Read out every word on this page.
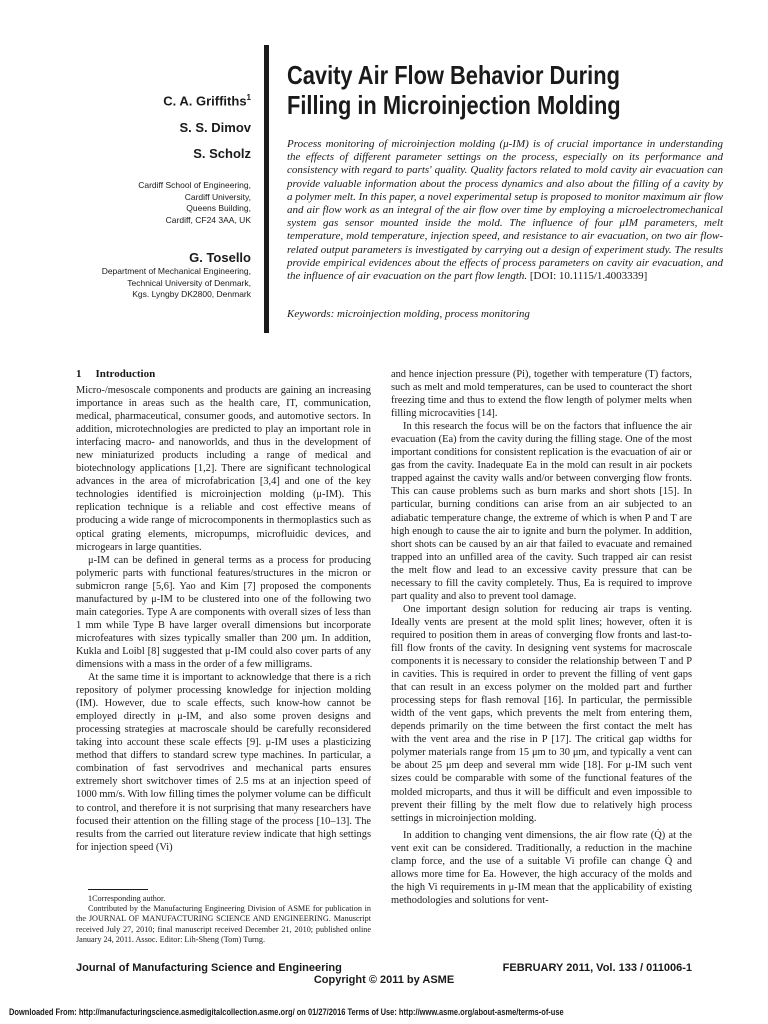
C. A. Griffiths$^1$
S. S. Dimov
S. Scholz
Cardiff School of Engineering,
Cardiff University,
Queens Building,
Cardiff, CF24 3AA, UK
G. Tosello
Department of Mechanical Engineering,
Technical University of Denmark,
Kgs. Lyngby DK2800, Denmark
Cavity Air Flow Behavior During
Filling in Microinjection Molding
Process monitoring of microinjection molding (μ-IM) is of crucial importance in understanding the effects of different parameter settings on the process, especially on its performance and consistency with regard to parts' quality. Quality factors related to mold cavity air evacuation can provide valuable information about the process dynamics and also about the filling of a cavity by a polymer melt. In this paper, a novel experimental setup is proposed to monitor maximum air flow and air flow work as an integral of the air flow over time by employing a microelectromechanical system gas sensor mounted inside the mold. The influence of four μIM parameters, melt temperature, mold temperature, injection speed, and resistance to air evacuation, on two air flow-related output parameters is investigated by carrying out a design of experiment study. The results provide empirical evidences about the effects of process parameters on cavity air evacuation, and the influence of air evacuation on the part flow length. [DOI: 10.1115/1.4003339]
Keywords: microinjection molding, process monitoring
1 Introduction

Micro-/mesoscale components and products are gaining an increasing importance in areas such as the health care, IT, communication, medical, pharmaceutical, consumer goods, and automotive sectors. In addition, microtechnologies are predicted to play an important role in interfacing macro- and nanoworlds, and thus in the development of new miniaturized products including a range of medical and biotechnology applications [1,2]. There are significant technological advances in the area of microfabrication [3,4] and one of the key technologies identified is microinjection molding (μ-IM). This replication technique is a reliable and cost effective means of producing a wide range of microcomponents in thermoplastics such as optical grating elements, micropumps, microfluidic devices, and microgears in large quantities.

μ-IM can be defined in general terms as a process for producing polymeric parts with functional features/structures in the micron or submicron range [5,6]. Yao and Kim [7] proposed the components manufactured by μ-IM to be clustered into one of the following two main categories. Type A are components with overall sizes of less than 1 mm while Type B have larger overall dimensions but incorporate microfeatures with sizes typically smaller than 200 μm. In addition, Kukla and Loibl [8] suggested that μ-IM could also cover parts of any dimensions with a mass in the order of a few milligrams.

At the same time it is important to acknowledge that there is a rich repository of polymer processing knowledge for injection molding (IM). However, due to scale effects, such know-how cannot be employed directly in μ-IM, and also some proven designs and processing strategies at macroscale should be carefully reconsidered taking into account these scale effects [9]. μ-IM uses a plasticizing method that differs to standard screw type machines. In particular, a combination of fast servodrives and mechanical parts ensures extremely short switchover times of 2.5 ms at an injection speed of 1000 mm/s. With low filling times the polymer volume can be difficult to control, and therefore it is not surprising that many researchers have focused their attention on the filling stage of the process [10–13]. The results from the carried out literature review indicate that high settings for injection speed (Vi)

and hence injection pressure (Pi), together with temperature (T) factors, such as melt and mold temperatures, can be used to counteract the short freezing time and thus to extend the flow length of polymer melts when filling microcavities [14].

In this research the focus will be on the factors that influence the air evacuation (Ea) from the cavity during the filling stage. One of the most important conditions for consistent replication is the evacuation of air or gas from the cavity. Inadequate Ea in the mold can result in air pockets trapped against the cavity walls and/or between converging flow fronts. This can cause problems such as burn marks and short shots [15]. In particular, burning conditions can arise from an air subjected to an adiabatic temperature change, the extreme of which is when P and T are high enough to cause the air to ignite and burn the polymer. In addition, short shots can be caused by an air that failed to evacuate and remained trapped into an unfilled area of the cavity. Such trapped air can resist the melt flow and lead to an excessive cavity pressure that can be necessary to fill the cavity completely. Thus, Ea is required to improve part quality and also to prevent tool damage.

One important design solution for reducing air traps is venting. Ideally vents are present at the mold split lines; however, often it is required to position them in areas of converging flow fronts and last-to-fill flow fronts of the cavity. In designing vent systems for macroscale components it is necessary to consider the relationship between T and P in cavities. This is required in order to prevent the filling of vent gaps that can result in an excess polymer on the molded part and further processing steps for flash removal [16]. In particular, the permissible width of the vent gaps, which prevents the melt from entering them, depends primarily on the time between the first contact the melt has with the vent area and the rise in P [17]. The critical gap widths for polymer materials range from 15 μm to 30 μm, and typically a vent can be about 25 μm deep and several mm wide [18]. For μ-IM such vent sizes could be comparable with some of the functional features of the molded microparts, and thus it will be difficult and even impossible to prevent their filling by the melt flow due to relatively high process settings in microinjection molding.

In addition to changing vent dimensions, the air flow rate (Q̇) at the vent exit can be considered. Traditionally, a reduction in the machine clamp force, and the use of a suitable Vi profile can change Q̇ and allows more time for Ea. However, the high accuracy of the molds and the high Vi requirements in μ-IM mean that the applicability of existing methodologies and solutions for vent-

1Corresponding author.

Contributed by the Manufacturing Engineering Division of ASME for publication in the JOURNAL OF MANUFACTURING SCIENCE AND ENGINEERING. Manuscript received July 27, 2010; final manuscript received December 21, 2010; published online January 24, 2011. Assoc. Editor: Lih-Sheng (Tom) Turng.

Journal of Manufacturing Science and Engineering	FEBRUARY 2011, Vol. 133 / 011006-1
Copyright © 2011 by ASME
Downloaded From: http://manufacturingscience.asmedigitalcollection.asme.org/ on 01/27/2016 Terms of Use: http://www.asme.org/about-asme/terms-of-use
